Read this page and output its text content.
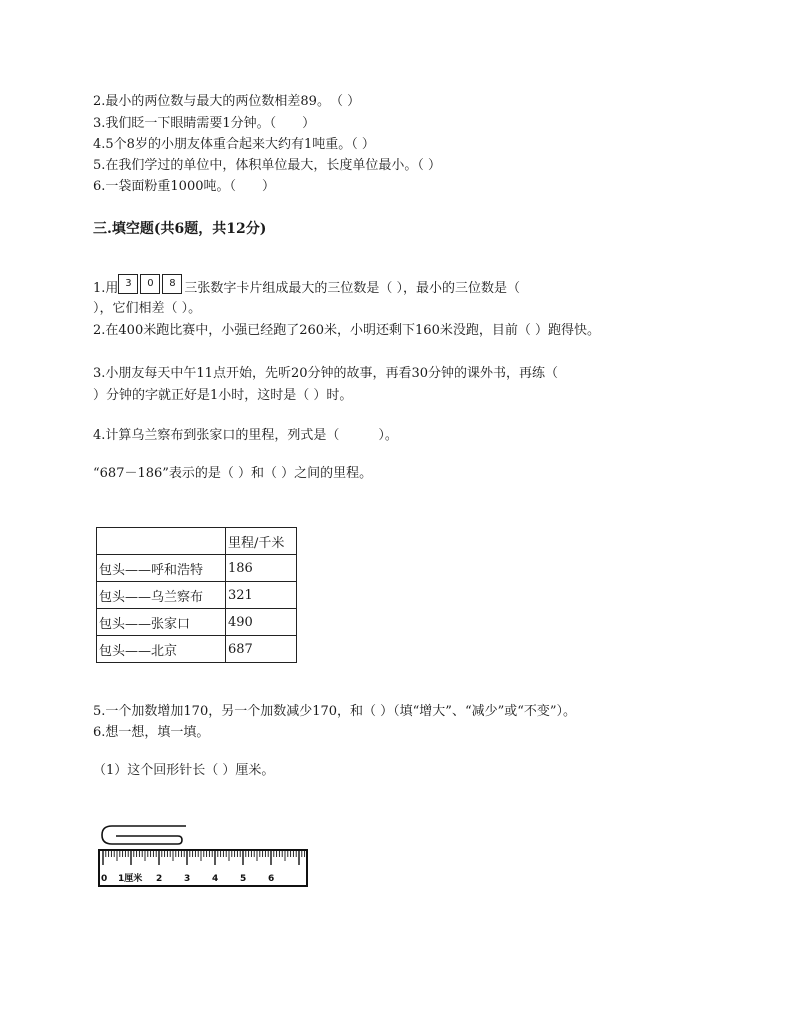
2.最小的两位数与最大的两位数相差89。　（ ）
3.我们眨一下眼睛需要1分钟。（　　）
4.5个8岁的小朋友体重合起来大约有1吨重。（ ）
5.在我们学过的单位中，体积单位最大，长度单位最小。（ ）
6.一袋面粉重1000吨。（　　）
三.填空题(共6题，共12分)
1.用 3 0 8 三张数字卡片组成最大的三位数是（ ），最小的三位数是（
），它们相差（ ）。
2.在400米跑比赛中，小强已经跑了260米，小明还剩下160米没跑，目前（ ）跑得快。
3.小朋友每天中午11点开始，先听20分钟的故事，再看30分钟的课外书，再练（
）分钟的字就正好是1小时，这时是（ ）时。
4.计算乌兰察布到张家口的里程，列式是（　　　）。
“687－186”表示的是（ ）和（ ）之间的里程。
	里程/千米
包头——呼和浩特	186
包头——乌兰察布	321
包头——张家口	490
包头——北京	687
5.一个加数增加170，另一个加数减少170，和（ ）（填“增大”、“减少”或“不变”）。
6.想一想，填一填。
（1）这个回形针长（ ）厘米。
0 1厘米 2 3 4 5 6
